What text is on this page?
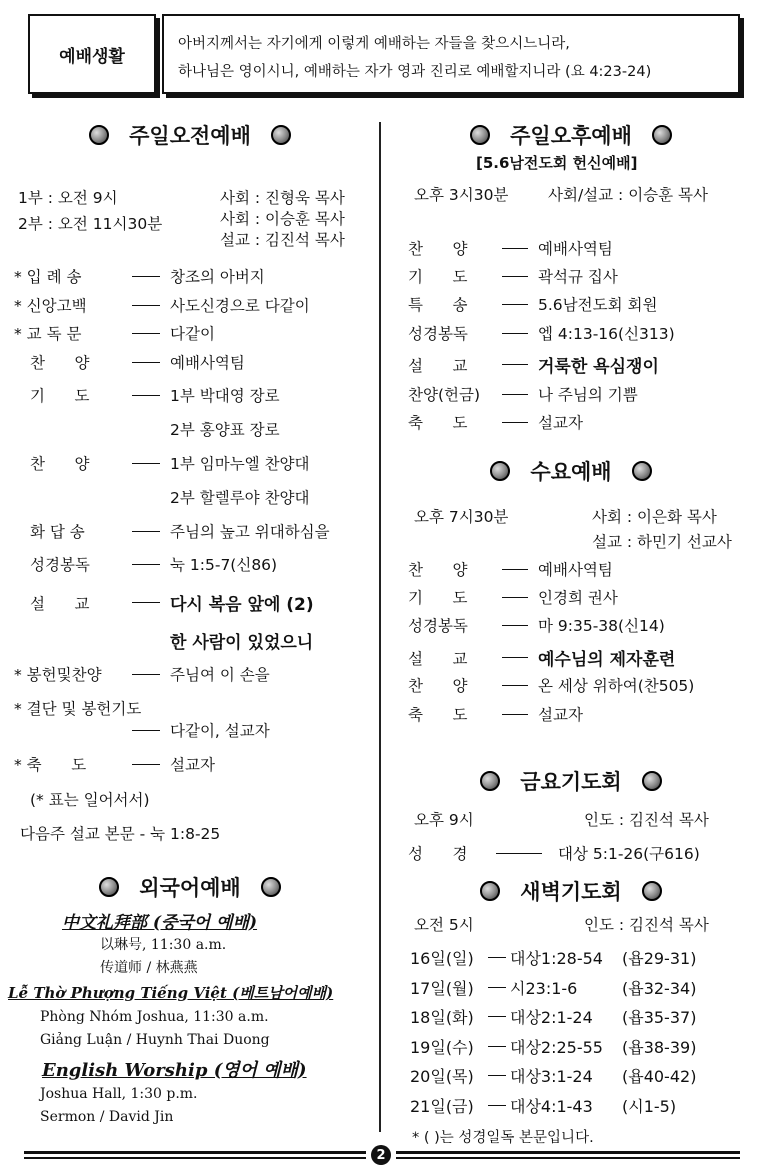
예배생활
아버지께서는 자기에게 이렇게 예배하는 자들을 찾으시느니라,
하나님은 영이시니, 예배하는 자가 영과 진리로 예배할지니라 (요 4:23-24)
주일오전예배
1부 : 오전 9시
2부 : 오전 11시30분
사회 : 진형욱 목사
사회 : 이승훈 목사
설교 : 김진석 목사
* 입 례 송	창조의 아버지
* 신앙고백	사도신경으로 다같이
* 교 독 문	다같이
찬      양	예배사역팀
기      도	1부 박대영 장로
2부 홍양표 장로
찬      양	1부 임마누엘 찬양대
2부 할렐루야 찬양대
화 답 송	주님의 높고 위대하심을
성경봉독	눅 1:5-7(신86)
설      교	다시 복음 앞에 (2)
한 사람이 있었으니
* 봉헌및찬양	주님여 이 손을
* 결단 및 봉헌기도
다같이, 설교자
* 축      도	설교자
(* 표는 일어서서)
다음주 설교 본문 - 눅 1:8-25
외국어예배
中文礼拜部 (중국어 예배)
以琳号, 11:30 a.m.
传道师 / 林燕燕
Lễ Thờ Phượng Tiếng Việt (베트남어예배)
Phòng Nhóm Joshua, 11:30 a.m.
Giảng Luận / Huynh Thai Duong
English Worship (영어 예배)
Joshua Hall, 1:30 p.m.
Sermon / David Jin
주일오후예배
[5.6남전도회 헌신예배]
오후 3시30분	사회/설교 : 이승훈 목사
찬      양	예배사역팀
기      도	곽석규 집사
특      송	5.6남전도회 회원
성경봉독	엡 4:13-16(신313)
설      교	거룩한 욕심쟁이
찬양(헌금)	나 주님의 기쁨
축      도	설교자
수요예배
오후 7시30분	사회 : 이은화 목사
설교 : 하민기 선교사
찬      양	예배사역팀
기      도	인경희 권사
성경봉독	마 9:35-38(신14)
설      교	예수님의 제자훈련
찬      양	온 세상 위하여(찬505)
축      도	설교자
금요기도회
오후 9시	인도 : 김진석 목사
성      경	대상 5:1-26(구616)
새벽기도회
오전 5시	인도 : 김진석 목사
16일(일)	대상1:28-54	(욥29-31)
17일(월)	시23:1-6	(욥32-34)
18일(화)	대상2:1-24	(욥35-37)
19일(수)	대상2:25-55	(욥38-39)
20일(목)	대상3:1-24	(욥40-42)
21일(금)	대상4:1-43	(시1-5)
* ( )는 성경일독 본문입니다.
2
